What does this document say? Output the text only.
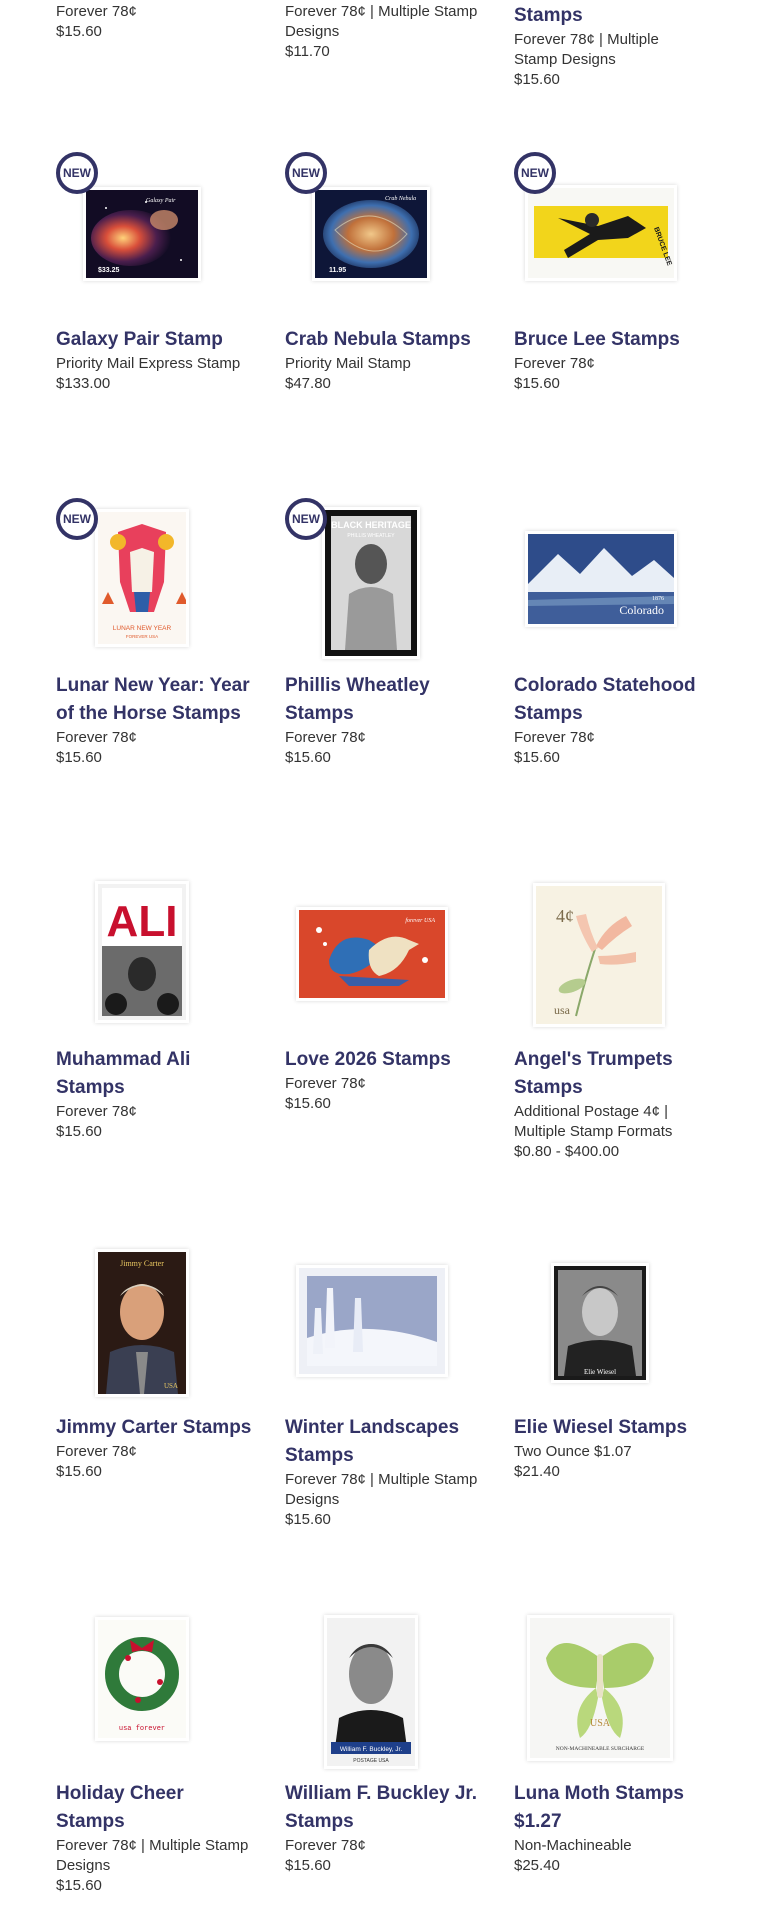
Forever 78¢
$15.60
Forever 78¢ | Multiple Stamp Designs
$11.70
Stamps
Forever 78¢ | Multiple Stamp Designs
$15.60
NEW
Galaxy Pair
$33.25
Galaxy Pair Stamp
Priority Mail Express Stamp
$133.00
NEW
Crab Nebula
11.95
Crab Nebula Stamps
Priority Mail Stamp
$47.80
NEW
BRUCE LEE
Bruce Lee Stamps
Forever 78¢
$15.60
NEW
LUNAR NEW YEAR
FOREVER USA
Lunar New Year: Year of the Horse Stamps
Forever 78¢
$15.60
NEW	BLACK HERITAGE
PHILLIS WHEATLEY
Phillis Wheatley Stamps
Forever 78¢
$15.60
1876
Colorado
Colorado Statehood Stamps
Forever 78¢
$15.60
ALI
Muhammad Ali Stamps
Forever 78¢
$15.60
forever USA
Love 2026 Stamps
Forever 78¢
$15.60
4¢
usa
Angel's Trumpets Stamps
Additional Postage 4¢ | Multiple Stamp Formats
$0.80 - $400.00
Jimmy Carter
USA
Jimmy Carter Stamps
Forever 78¢
$15.60
Winter Landscapes Stamps
Forever 78¢ | Multiple Stamp Designs
$15.60
Elie Wiesel
Elie Wiesel Stamps
Two Ounce $1.07
$21.40
usa forever
Holiday Cheer Stamps
Forever 78¢ | Multiple Stamp Designs
$15.60
William F. Buckley, Jr.
POSTAGE USA
William F. Buckley Jr. Stamps
Forever 78¢
$15.60
USA
NON-MACHINEABLE SURCHARGE
Luna Moth Stamps $1.27
Non-Machineable
$25.40
